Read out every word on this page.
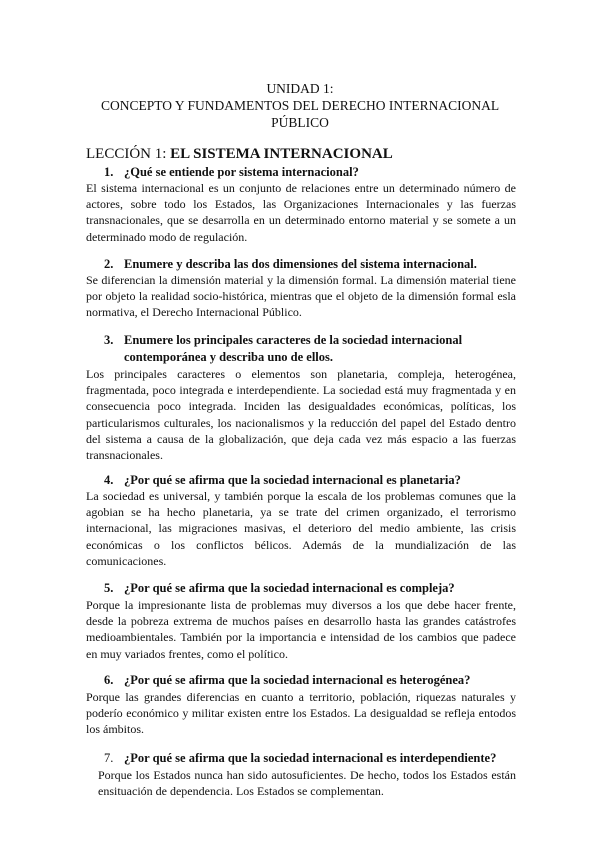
UNIDAD 1:
CONCEPTO Y FUNDAMENTOS DEL DERECHO INTERNACIONAL
PÚBLICO
LECCIÓN 1: EL SISTEMA INTERNACIONAL
1. ¿Qué se entiende por sistema internacional?
El sistema internacional es un conjunto de relaciones entre un determinado número de actores, sobre todo los Estados, las Organizaciones Internacionales y las fuerzas transnacionales, que se desarrolla en un determinado entorno material y se somete a un determinado modo de regulación.
2. Enumere y describa las dos dimensiones del sistema internacional.
Se diferencian la dimensión material y la dimensión formal. La dimensión material tiene por objeto la realidad socio-histórica, mientras que el objeto de la dimensión formal esla normativa, el Derecho Internacional Público.
3. Enumere los principales caracteres de la sociedad internacional
contemporánea y describa uno de ellos.
Los principales caracteres o elementos son planetaria, compleja, heterogénea, fragmentada, poco integrada e interdependiente. La sociedad está muy fragmentada y en consecuencia poco integrada. Inciden las desigualdades económicas, políticas, los particularismos culturales, los nacionalismos y la reducción del papel del Estado dentro del sistema a causa de la globalización, que deja cada vez más espacio a las fuerzas transnacionales.
4. ¿Por qué se afirma que la sociedad internacional es planetaria?
La sociedad es universal, y también porque la escala de los problemas comunes que la agobian se ha hecho planetaria, ya se trate del crimen organizado, el terrorismo internacional, las migraciones masivas, el deterioro del medio ambiente, las crisis económicas o los conflictos bélicos. Además de la mundialización de las comunicaciones.
5. ¿Por qué se afirma que la sociedad internacional es compleja?
Porque la impresionante lista de problemas muy diversos a los que debe hacer frente, desde la pobreza extrema de muchos países en desarrollo hasta las grandes catástrofes medioambientales. También por la importancia e intensidad de los cambios que padece en muy variados frentes, como el político.
6. ¿Por qué se afirma que la sociedad internacional es heterogénea?
Porque las grandes diferencias en cuanto a territorio, población, riquezas naturales y poderío económico y militar existen entre los Estados. La desigualdad se refleja entodos los ámbitos.
7. ¿Por qué se afirma que la sociedad internacional es interdependiente?
Porque los Estados nunca han sido autosuficientes. De hecho, todos los Estados están ensituación de dependencia. Los Estados se complementan.
